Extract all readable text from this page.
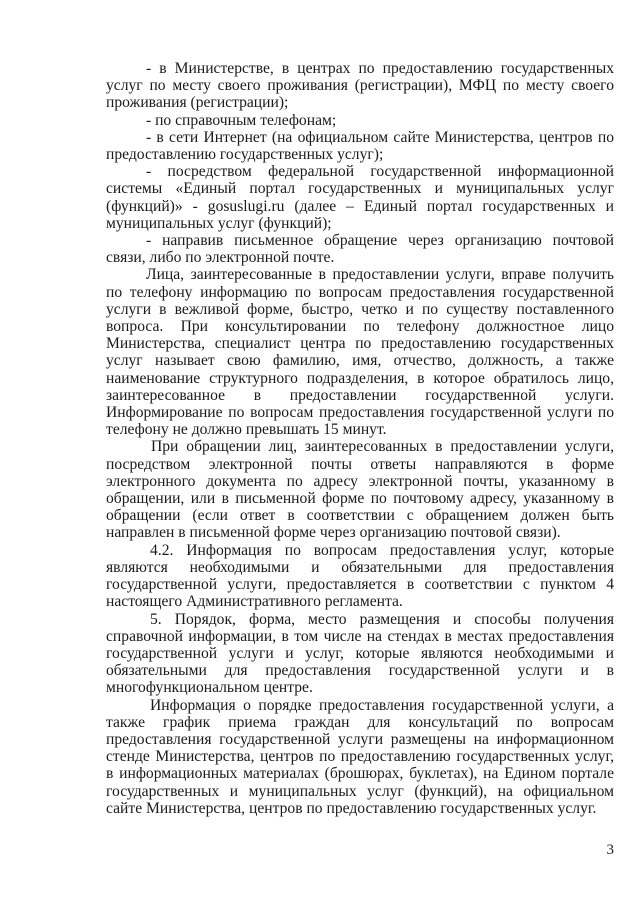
- в Министерстве, в центрах по предоставлению государственных услуг по месту своего проживания (регистрации), МФЦ по месту своего проживания (регистрации);

- по справочным телефонам;

- в сети Интернет (на официальном сайте Министерства, центров по предоставлению государственных услуг);

- посредством федеральной государственной информационной системы «Единый портал государственных и муниципальных услуг (функций)» - gosuslugi.ru (далее – Единый портал государственных и муниципальных услуг (функций);

- направив письменное обращение через организацию почтовой связи, либо по электронной почте.

Лица, заинтересованные в предоставлении услуги, вправе получить по телефону информацию по вопросам предоставления государственной услуги в вежливой форме, быстро, четко и по существу поставленного вопроса. При консультировании по телефону должностное лицо Министерства, специалист центра по предоставлению государственных услуг называет свою фамилию, имя, отчество, должность, а также наименование структурного подразделения, в которое обратилось лицо, заинтересованное в предоставлении государственной услуги. Информирование по вопросам предоставления государственной услуги по телефону не должно превышать 15 минут.

При обращении лиц, заинтересованных в предоставлении услуги, посредством электронной почты ответы направляются в форме электронного документа по адресу электронной почты, указанному в обращении, или в письменной форме по почтовому адресу, указанному в обращении (если ответ в соответствии с обращением должен быть направлен в письменной форме через организацию почтовой связи).

4.2. Информация по вопросам предоставления услуг, которые являются необходимыми и обязательными для предоставления государственной услуги, предоставляется в соответствии с пунктом 4 настоящего Административного регламента.

5. Порядок, форма, место размещения и способы получения справочной информации, в том числе на стендах в местах предоставления государственной услуги и услуг, которые являются необходимыми и обязательными для предоставления государственной услуги и в многофункциональном центре.

Информация о порядке предоставления государственной услуги, а также график приема граждан для консультаций по вопросам предоставления государственной услуги размещены на информационном стенде Министерства, центров по предоставлению государственных услуг, в информационных материалах (брошюрах, буклетах), на Едином портале государственных и муниципальных услуг (функций), на официальном сайте Министерства, центров по предоставлению государственных услуг.

3
